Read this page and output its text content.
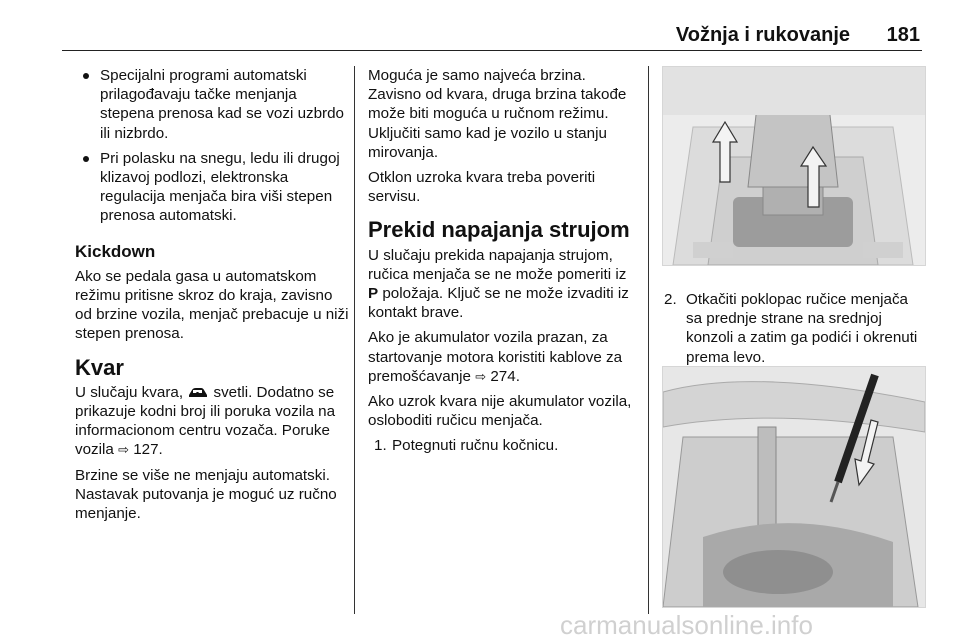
Vožnja i rukovanje 181
Specijalni programi automatski prilagođavaju tačke menjanja stepena prenosa kad se vozi uzbrdo ili nizbrdo.
Pri polasku na snegu, ledu ili drugoj klizavoj podlozi, elektronska regulacija menjača bira viši stepen prenosa automatski.
Kickdown

Ako se pedala gasa u automatskom režimu pritisne skroz do kraja, zavisno od brzine vozila, menjač prebacuje u niži stepen prenosa.

Kvar

U slučaju kvara,  svetli. Dodatno se prikazuje kodni broj ili poruka vozila na informacionom centru vozača. Poruke vozila ⇨ 127.

Brzine se više ne menjaju automatski. Nastavak putovanja je moguć uz ručno menjanje.

Moguća je samo najveća brzina. Zavisno od kvara, druga brzina takođe može biti moguća u ručnom režimu. Uključiti samo kad je vozilo u stanju mirovanja.

Otklon uzroka kvara treba poveriti servisu.

Prekid napajanja strujom

U slučaju prekida napajanja strujom, ručica menjača se ne može pomeriti iz P položaja. Ključ se ne može izvaditi iz kontakt brave.

Ako je akumulator vozila prazan, za startovanje motora koristiti kablove za premošćavanje ⇨ 274.

Ako uzrok kvara nije akumulator vozila, osloboditi ručicu menjača.

1. Potegnuti ručnu kočnicu.
2. Otkačiti poklopac ručice menjača sa prednje strane na srednjoj konzoli a zatim ga podići i okrenuti prema levo.
carmanualsonline.info
